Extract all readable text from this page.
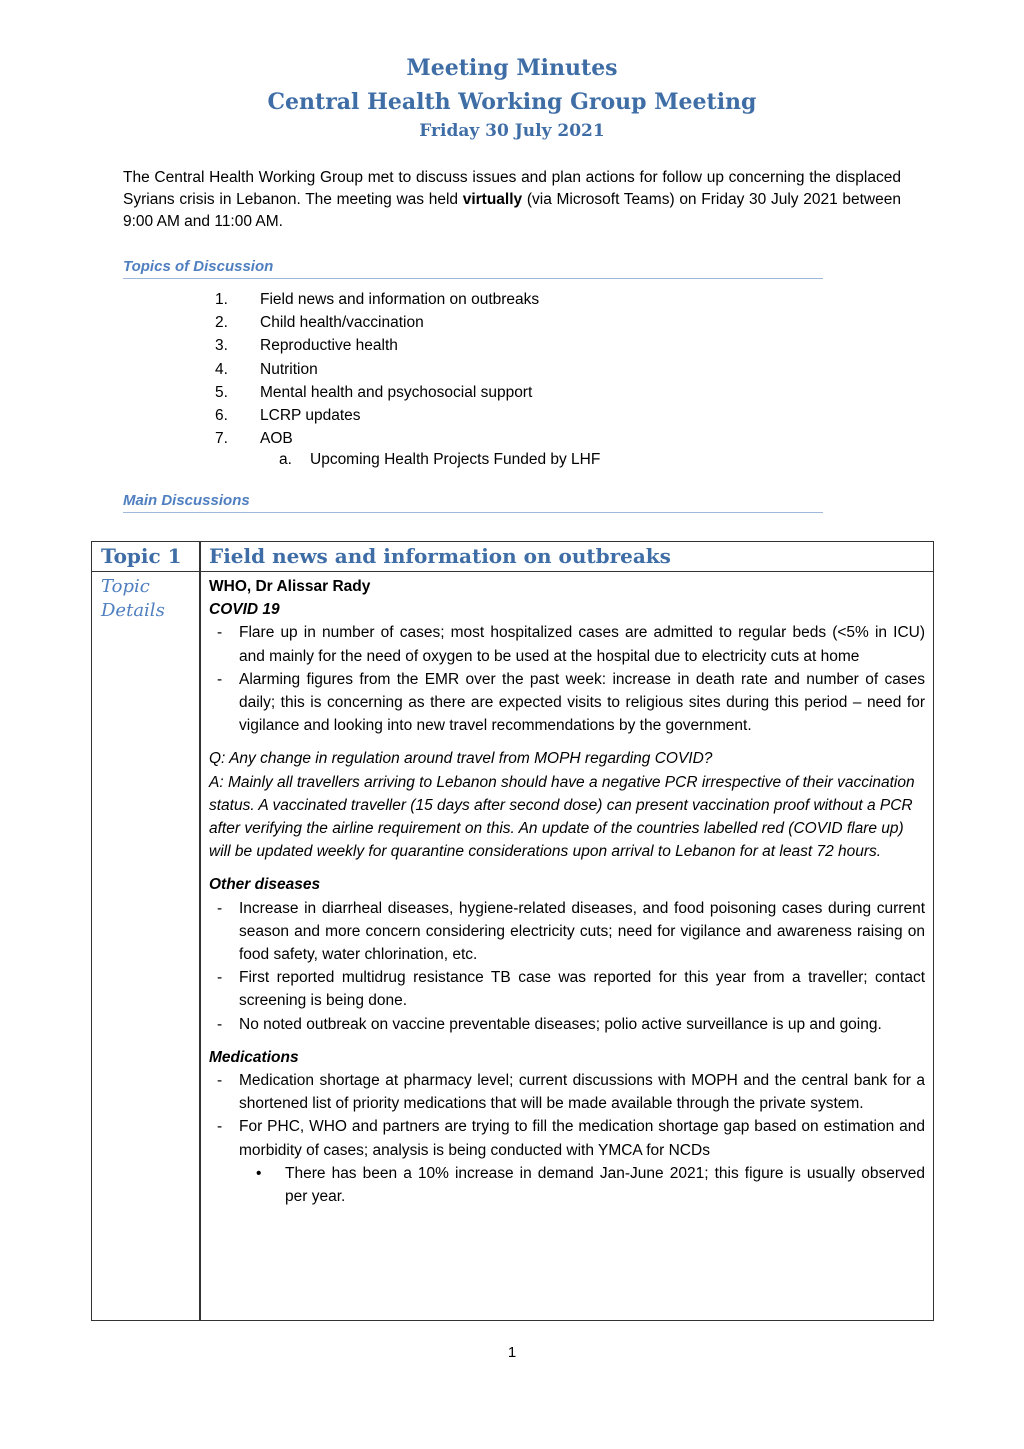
Meeting Minutes
Central Health Working Group Meeting
Friday 30 July 2021
The Central Health Working Group met to discuss issues and plan actions for follow up concerning the displaced Syrians crisis in Lebanon. The meeting was held virtually (via Microsoft Teams) on Friday 30 July 2021 between 9:00 AM and 11:00 AM.
Topics of Discussion
1. Field news and information on outbreaks
2. Child health/vaccination
3. Reproductive health
4. Nutrition
5. Mental health and psychosocial support
6. LCRP updates
7. AOB
a. Upcoming Health Projects Funded by LHF
Main Discussions
Topic 1 Field news and information on outbreaks
Topic Details

WHO, Dr Alissar Rady

COVID 19

- Flare up in number of cases; most hospitalized cases are admitted to regular beds (<5% in ICU) and mainly for the need of oxygen to be used at the hospital due to electricity cuts at home

- Alarming figures from the EMR over the past week: increase in death rate and number of cases daily; this is concerning as there are expected visits to religious sites during this period – need for vigilance and looking into new travel recommendations by the government.

Q: Any change in regulation around travel from MOPH regarding COVID?

A: Mainly all travellers arriving to Lebanon should have a negative PCR irrespective of their vaccination status. A vaccinated traveller (15 days after second dose) can present vaccination proof without a PCR after verifying the airline requirement on this. An update of the countries labelled red (COVID flare up) will be updated weekly for quarantine considerations upon arrival to Lebanon for at least 72 hours.

Other diseases

- Increase in diarrheal diseases, hygiene-related diseases, and food poisoning cases during current season and more concern considering electricity cuts; need for vigilance and awareness raising on food safety, water chlorination, etc.

- First reported multidrug resistance TB case was reported for this year from a traveller; contact screening is being done.

- No noted outbreak on vaccine preventable diseases; polio active surveillance is up and going.

Medications

- Medication shortage at pharmacy level; current discussions with MOPH and the central bank for a shortened list of priority medications that will be made available through the private system.

- For PHC, WHO and partners are trying to fill the medication shortage gap based on estimation and morbidity of cases; analysis is being conducted with YMCA for NCDs

• There has been a 10% increase in demand Jan-June 2021; this figure is usually observed per year.

1
